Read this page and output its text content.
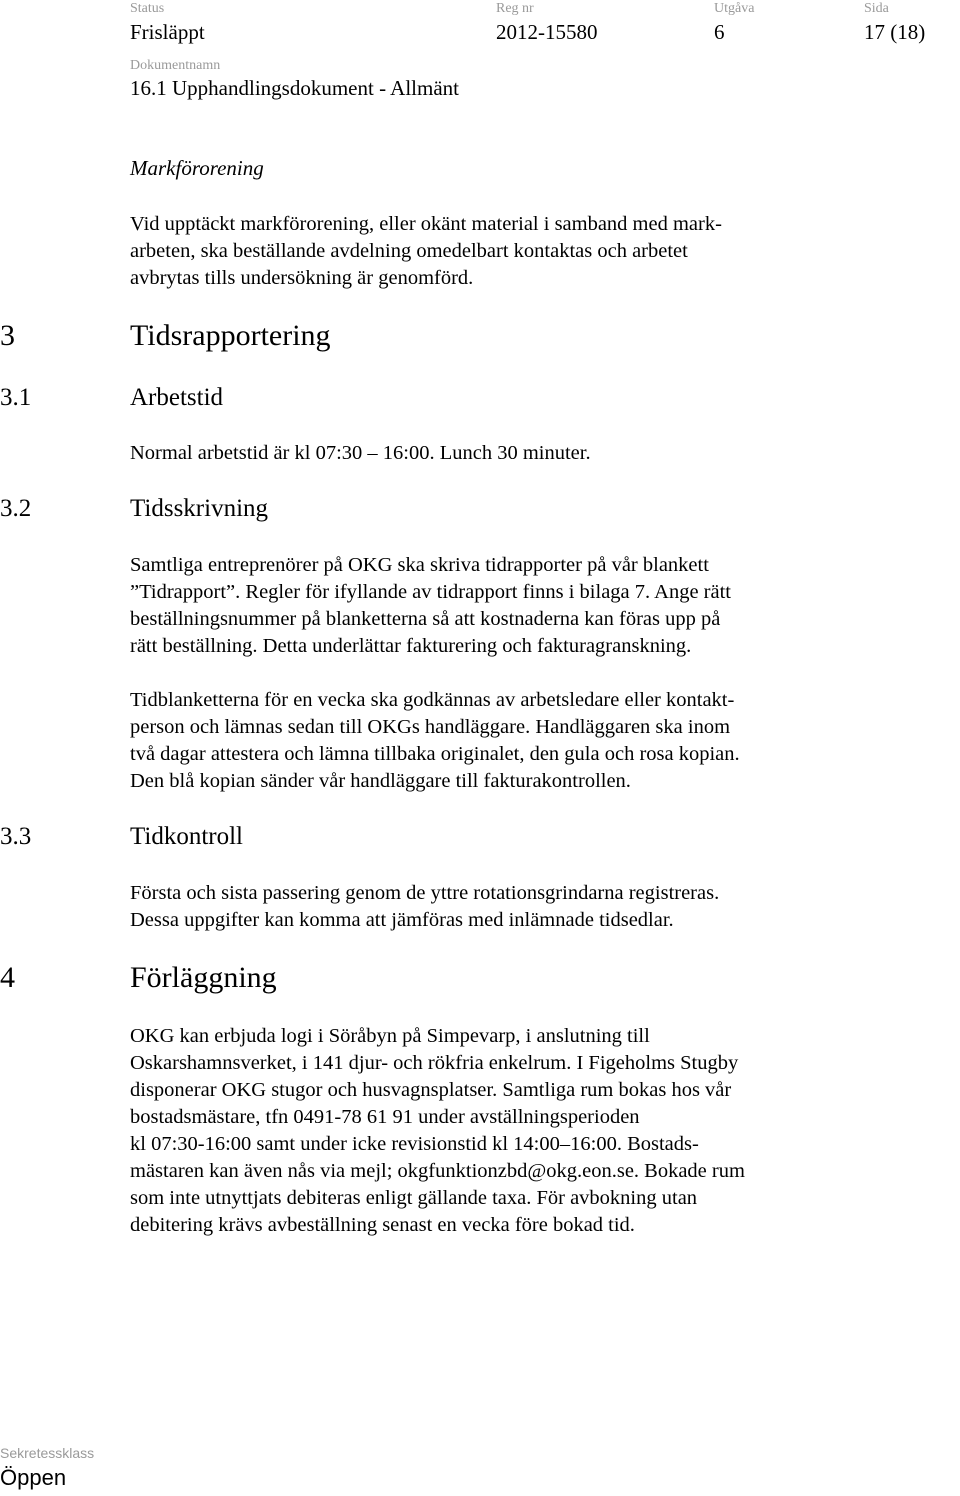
Status
Frisläppt
Reg nr
2012-15580
Utgåva
6
Sida
17 (18)
Dokumentnamn
16.1 Upphandlingsdokument - Allmänt
Markförorening
Vid upptäckt markförorening, eller okänt material i samband med mark-
arbeten, ska beställande avdelning omedelbart kontaktas och arbetet
avbrytas tills undersökning är genomförd.
3	Tidsrapportering
3.1	Arbetstid
Normal arbetstid är kl 07:30 – 16:00. Lunch 30 minuter.
3.2	Tidsskrivning
Samtliga entreprenörer på OKG ska skriva tidrapporter på vår blankett
”Tidrapport”. Regler för ifyllande av tidrapport finns i bilaga 7. Ange rätt
beställningsnummer på blanketterna så att kostnaderna kan föras upp på
rätt beställning. Detta underlättar fakturering och fakturagranskning.
Tidblanketterna för en vecka ska godkännas av arbetsledare eller kontakt-
person och lämnas sedan till OKGs handläggare. Handläggaren ska inom
två dagar attestera och lämna tillbaka originalet, den gula och rosa kopian.
Den blå kopian sänder vår handläggare till fakturakontrollen.
3.3	Tidkontroll
Första och sista passering genom de yttre rotationsgrindarna registreras.
Dessa uppgifter kan komma att jämföras med inlämnade tidsedlar.
4	Förläggning
OKG kan erbjuda logi i Söråbyn på Simpevarp, i anslutning till
Oskarshamnsverket, i 141 djur- och rökfria enkelrum. I Figeholms Stugby
disponerar OKG stugor och husvagnsplatser. Samtliga rum bokas hos vår
bostadsmästare, tfn 0491-78 61 91 under avställningsperioden
kl 07:30-16:00 samt under icke revisionstid kl 14:00–16:00. Bostads-
mästaren kan även nås via mejl; okgfunktionzbd@okg.eon.se. Bokade rum
som inte utnyttjats debiteras enligt gällande taxa. För avbokning utan
debitering krävs avbeställning senast en vecka före bokad tid.
Sekretessklass
Öppen
